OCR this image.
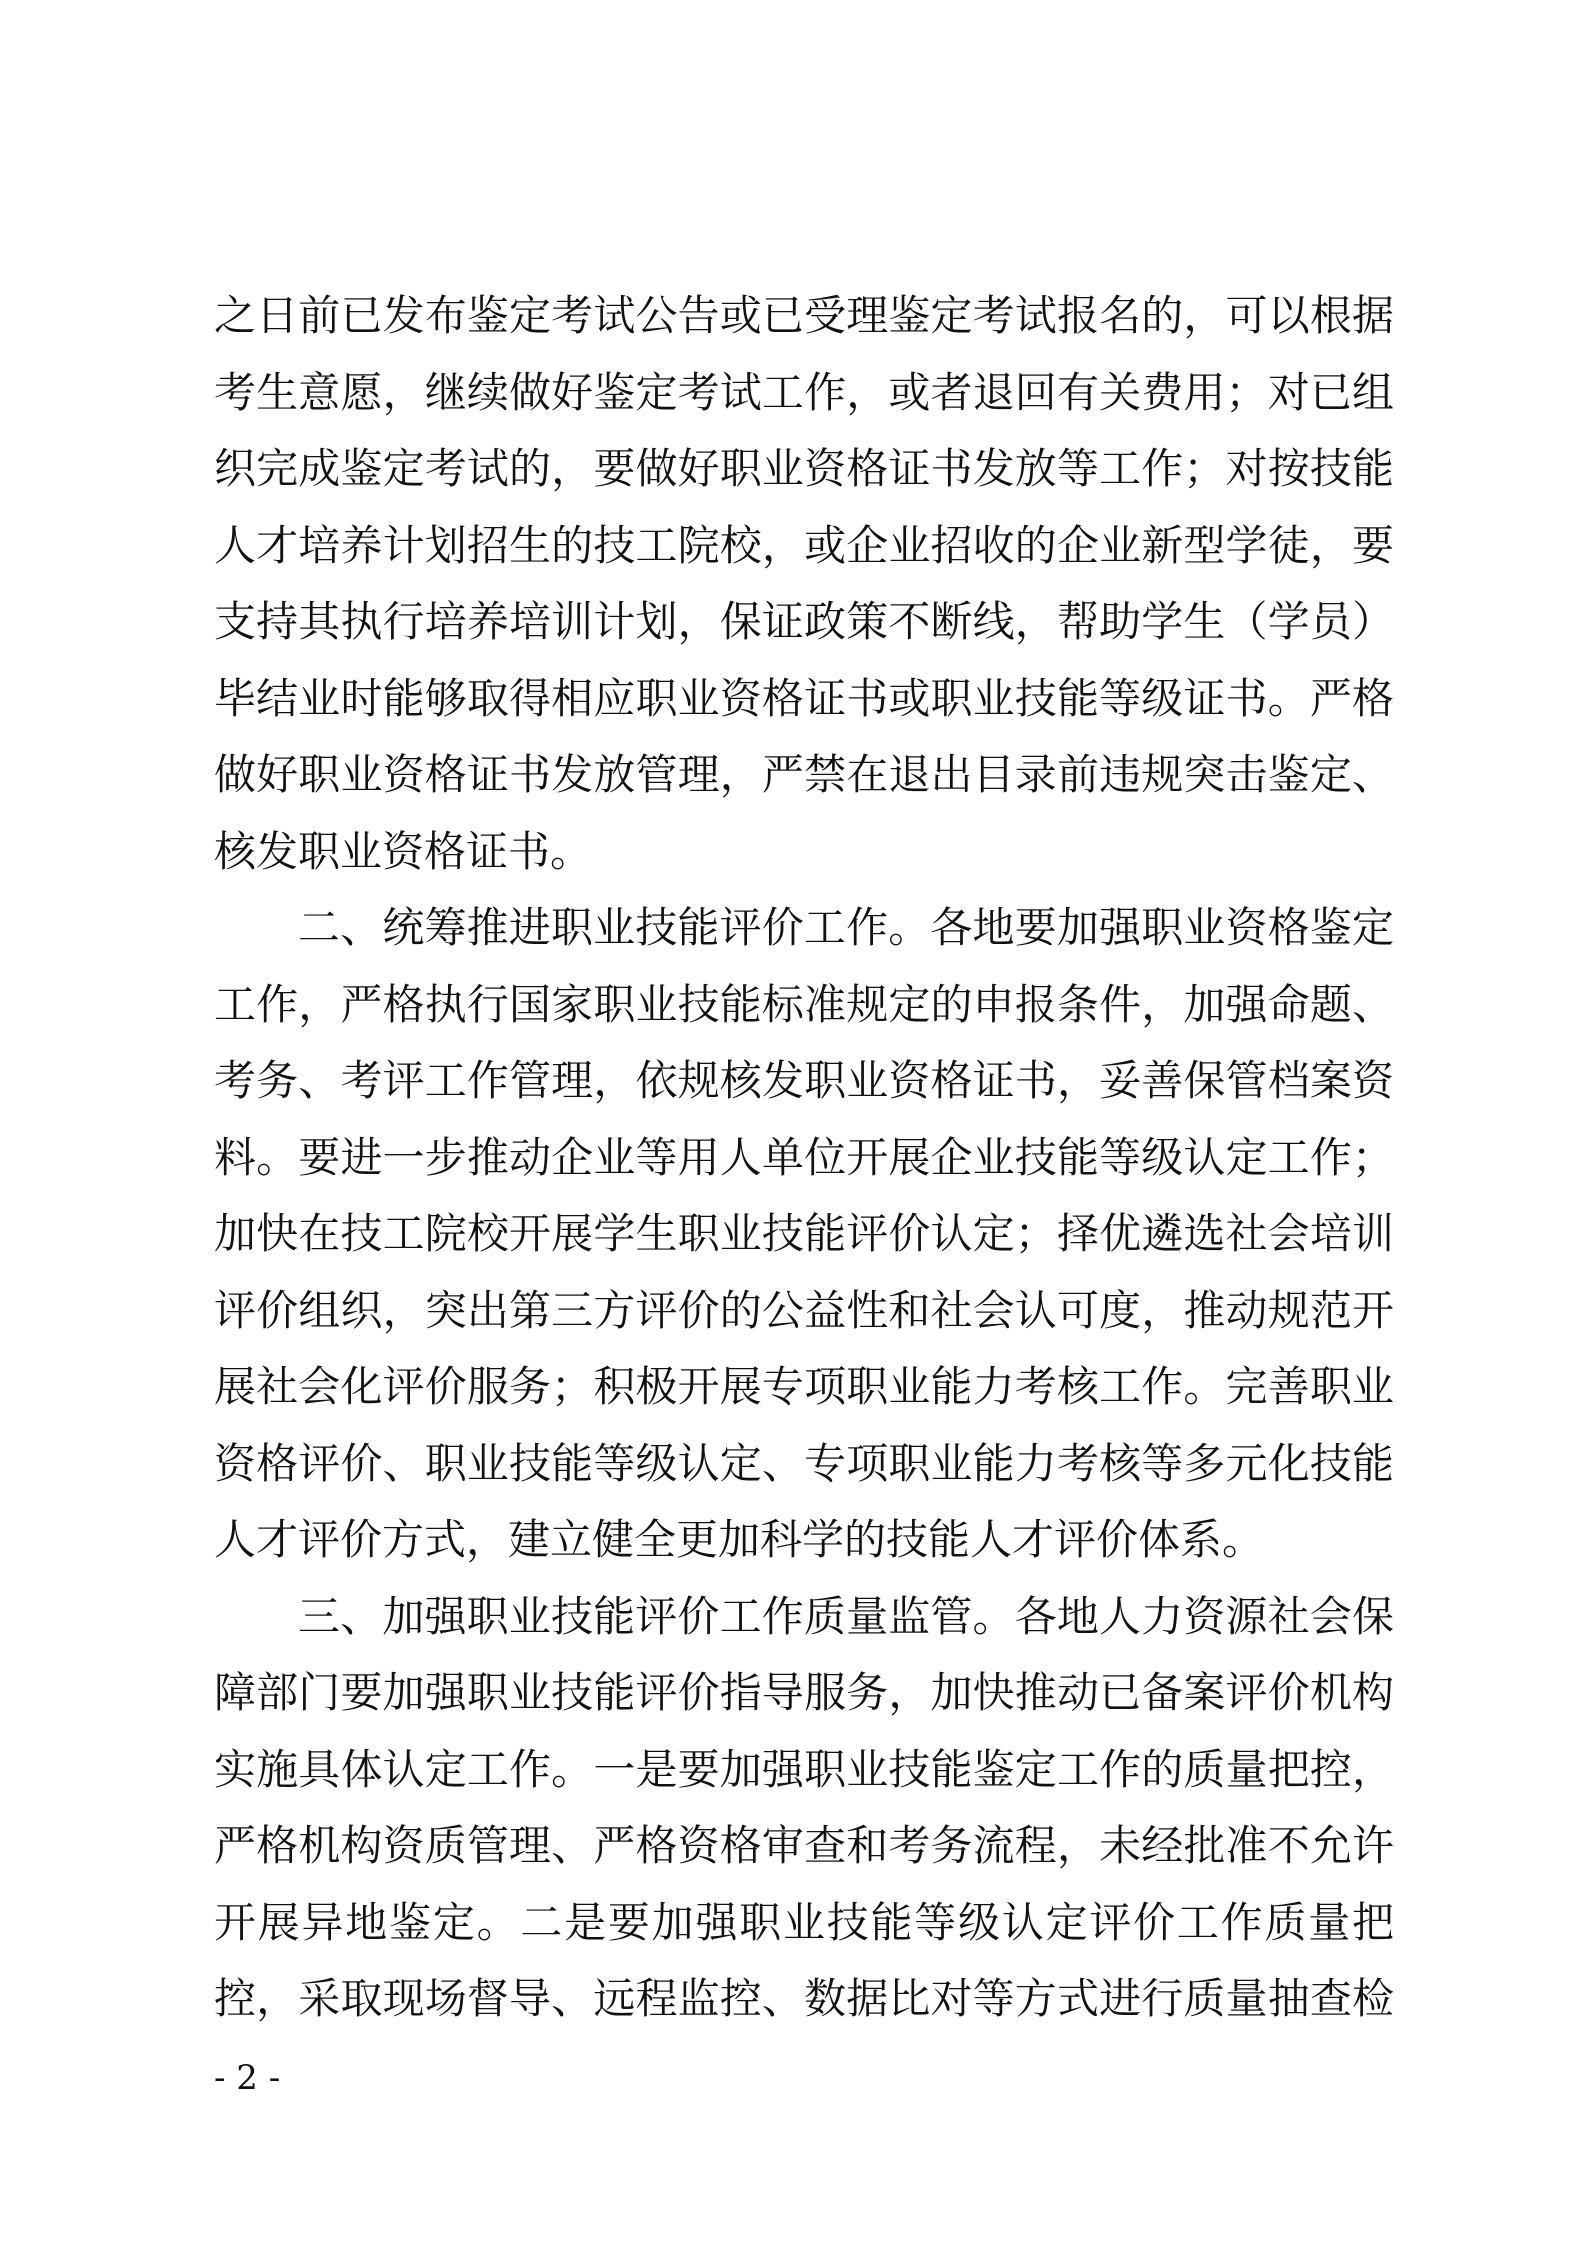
之日前已发布鉴定考试公告或已受理鉴定考试报名的，可以根据
考生意愿，继续做好鉴定考试工作，或者退回有关费用；对已组
织完成鉴定考试的，要做好职业资格证书发放等工作；对按技能
人才培养计划招生的技工院校，或企业招收的企业新型学徒，要
支持其执行培养培训计划，保证政策不断线，帮助学生（学员）
毕结业时能够取得相应职业资格证书或职业技能等级证书。严格
做好职业资格证书发放管理，严禁在退出目录前违规突击鉴定、
核发职业资格证书。
二、统筹推进职业技能评价工作。各地要加强职业资格鉴定
工作，严格执行国家职业技能标准规定的申报条件，加强命题、
考务、考评工作管理，依规核发职业资格证书，妥善保管档案资
料。要进一步推动企业等用人单位开展企业技能等级认定工作；
加快在技工院校开展学生职业技能评价认定；择优遴选社会培训
评价组织，突出第三方评价的公益性和社会认可度，推动规范开
展社会化评价服务；积极开展专项职业能力考核工作。完善职业
资格评价、职业技能等级认定、专项职业能力考核等多元化技能
人才评价方式，建立健全更加科学的技能人才评价体系。
三、加强职业技能评价工作质量监管。各地人力资源社会保
障部门要加强职业技能评价指导服务，加快推动已备案评价机构
实施具体认定工作。一是要加强职业技能鉴定工作的质量把控，
严格机构资质管理、严格资格审查和考务流程，未经批准不允许
开展异地鉴定。二是要加强职业技能等级认定评价工作质量把
控，采取现场督导、远程监控、数据比对等方式进行质量抽查检
- 2 -
